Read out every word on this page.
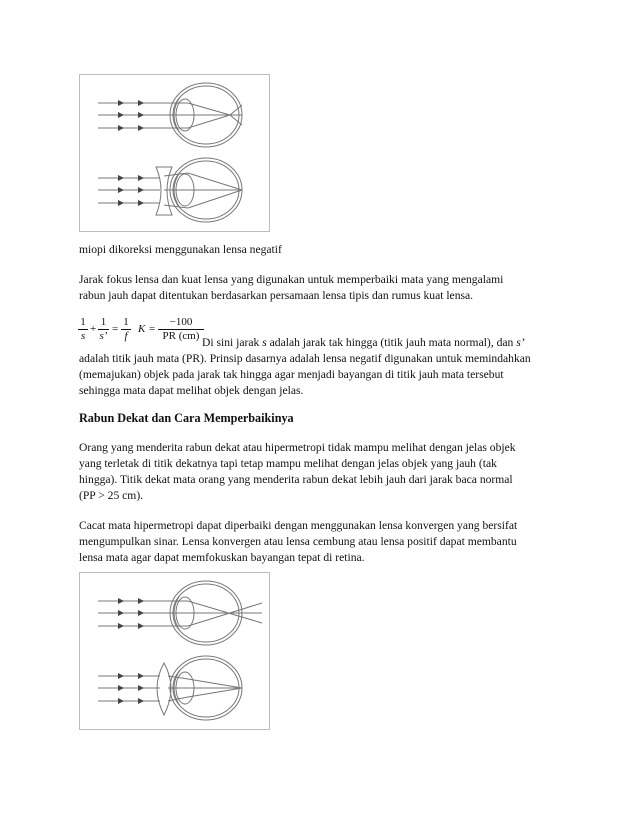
miopi dikoreksi menggunakan lensa negatif
Jarak fokus lensa dan kuat lensa yang digunakan untuk memperbaiki mata yang mengalami
rabun jauh dapat ditentukan berdasarkan persamaan lensa tipis dan rumus kuat lensa.
1
s
+
1
s’
=
1
f
K =
−100
PR (cm) Di sini jarak s adalah jarak tak hingga (titik jauh mata normal), dan s’
adalah titik jauh mata (PR). Prinsip dasarnya adalah lensa negatif digunakan untuk memindahkan
(memajukan) objek pada jarak tak hingga agar menjadi bayangan di titik jauh mata tersebut
sehingga mata dapat melihat objek dengan jelas.
Rabun Dekat dan Cara Memperbaikinya
Orang yang menderita rabun dekat atau hipermetropi tidak mampu melihat dengan jelas objek
yang terletak di titik dekatnya tapi tetap mampu melihat dengan jelas objek yang jauh (tak
hingga). Titik dekat mata orang yang menderita rabun dekat lebih jauh dari jarak baca normal
(PP > 25 cm).
Cacat mata hipermetropi dapat diperbaiki dengan menggunakan lensa konvergen yang bersifat
mengumpulkan sinar. Lensa konvergen atau lensa cembung atau lensa positif dapat membantu
lensa mata agar dapat memfokuskan bayangan tepat di retina.
